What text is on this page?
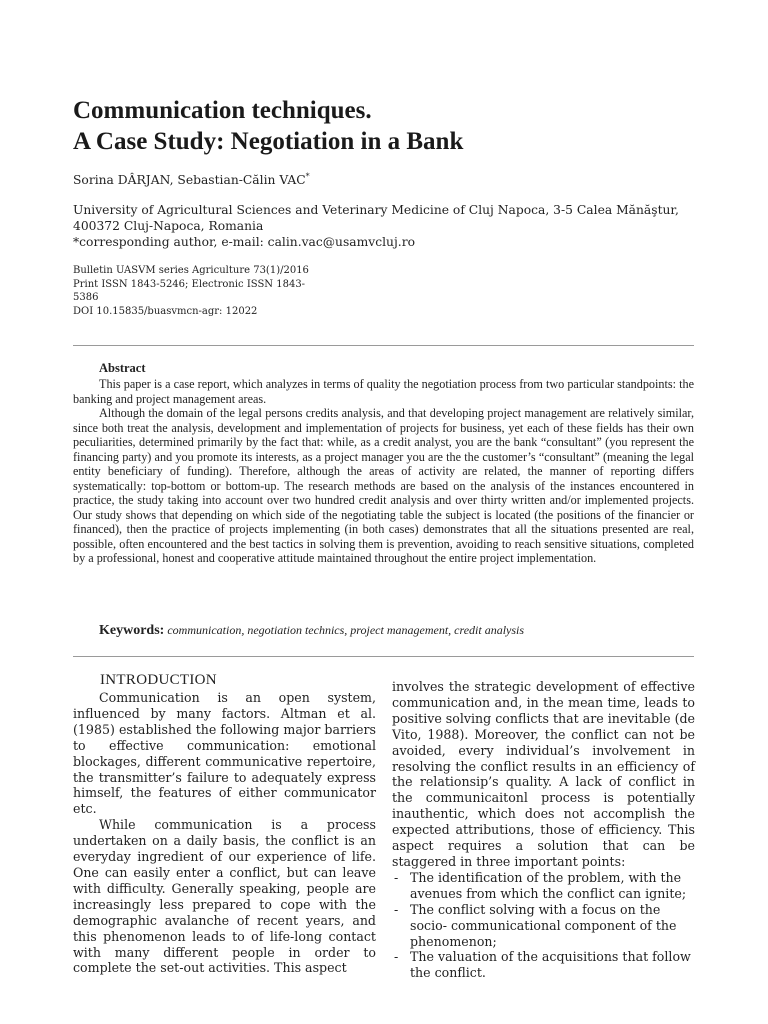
Communication techniques.
A Case Study: Negotiation in a Bank
Sorina DÂRJAN, Sebastian-Călin VAC*
University of Agricultural Sciences and Veterinary Medicine of Cluj Napoca, 3-5 Calea Mănăştur,
400372 Cluj-Napoca, Romania
*corresponding author, e-mail: calin.vac@usamvcluj.ro
Bulletin UASVM series Agriculture 73(1)/2016
Print ISSN 1843-5246; Electronic ISSN 1843-
5386
DOI 10.15835/buasvmcn-agr: 12022
Abstract

This paper is a case report, which analyzes in terms of quality the negotiation process from two particular standpoints: the banking and project management areas.

Although the domain of the legal persons credits analysis, and that developing project management are relatively similar, since both treat the analysis, development and implementation of projects for business, yet each of these fields has their own peculiarities, determined primarily by the fact that: while, as a credit analyst, you are the bank “consultant” (you represent the financing party) and you promote its interests, as a project manager you are the the customer’s “consultant” (meaning the legal entity beneficiary of funding). Therefore, although the areas of activity are related, the manner of reporting differs systematically: top-bottom or bottom-up. The research methods are based on the analysis of the instances encountered in practice, the study taking into account over two hundred credit analysis and over thirty written and/or implemented projects. Our study shows that depending on which side of the negotiating table the subject is located (the positions of the financier or financed), then the practice of projects implementing (in both cases) demonstrates that all the situations presented are real, possible, often encountered and the best tactics in solving them is prevention, avoiding to reach sensitive situations, completed by a professional, honest and cooperative attitude maintained throughout the entire project implementation.

Keywords: communication, negotiation technics, project management, credit analysis
INTRODUCTION

Communication is an open system, influenced by many factors. Altman et al. (1985) established the following major barriers to effective communication: emotional blockages, different communicative repertoire, the transmitter’s failure to adequately express himself, the features of either communicator etc.

While communication is a process undertaken on a daily basis, the conflict is an everyday ingredient of our experience of life. One can easily enter a conflict, but can leave with difficulty. Generally speaking, people are increasingly less prepared to cope with the demographic avalanche of recent years, and this phenomenon leads to of life-long contact with many different people in order to complete the set-out activities. This aspect

involves the strategic development of effective communication and, in the mean time, leads to positive solving conflicts that are inevitable (de Vito, 1988). Moreover, the conflict can not be avoided, every individual’s involvement in resolving the conflict results in an efficiency of the relationsip’s quality. A lack of conflict in the communicaitonl process is potentially inauthentic, which does not accomplish the expected attributions, those of efficiency. This aspect requires a solution that can be staggered in three important points:

- The identification of the problem, with the avenues from which the conflict can ignite;
- The conflict solving with a focus on the socio- communicational component of the phenomenon;
- The valuation of the acquisitions that follow the conflict.
